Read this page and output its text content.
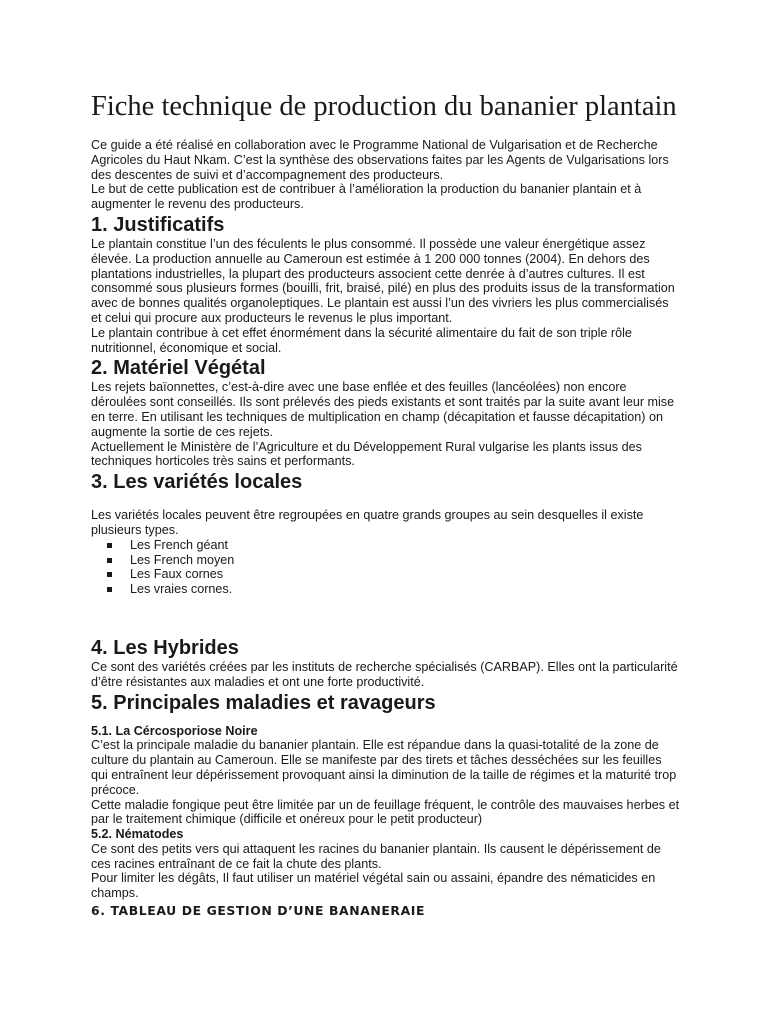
Fiche technique de production du bananier plantain

Ce guide a été réalisé en collaboration avec le Programme National de Vulgarisation et de Recherche Agricoles du Haut Nkam. C’est la synthèse des observations faites par les Agents de Vulgarisations lors des descentes de suivi et d’accompagnement des producteurs.

Le but de cette publication est de contribuer à l’amélioration la production du bananier plantain et à augmenter le revenu des producteurs.

1. Justificatifs

Le plantain constitue l’un des féculents le plus consommé. Il possède une valeur énergétique assez élevée. La production annuelle au Cameroun est estimée à 1 200 000 tonnes (2004). En dehors des plantations industrielles, la plupart des producteurs associent cette denrée à d’autres cultures. Il est consommé sous plusieurs formes (bouilli, frit, braisé, pilé) en plus des produits issus de la transformation avec de bonnes qualités organoleptiques. Le plantain est aussi l’un des vivriers les plus commercialisés et celui qui procure aux producteurs le revenus le plus important.

Le plantain contribue à cet effet énormément dans la sécurité alimentaire du fait de son triple rôle nutritionnel, économique et social.

2. Matériel Végétal

Les rejets baïonnettes, c’est-à-dire avec une base enflée et des feuilles (lancéolées) non encore déroulées sont conseillés. Ils sont prélevés des pieds existants et sont traités par la suite avant leur mise en terre. En utilisant les techniques de multiplication en champ (décapitation et fausse décapitation) on augmente la sortie de ces rejets.

Actuellement le Ministère de l’Agriculture et du Développement Rural vulgarise les plants issus des techniques horticoles très sains et performants.

3. Les variétés locales

Les variétés locales peuvent être regroupées en quatre grands groupes au sein desquelles il existe plusieurs types.

Les French géant
Les French moyen
Les Faux cornes
Les vraies cornes.
4. Les Hybrides

Ce sont des variétés créées par les instituts de recherche spécialisés (CARBAP). Elles ont la particularité d’être résistantes aux maladies et ont une forte productivité.

5. Principales maladies et ravageurs
5.1. La Cércosporiose Noire

C’est la principale maladie du bananier plantain. Elle est répandue dans la quasi-totalité de la zone de culture du plantain au Cameroun. Elle se manifeste par des tirets et tâches desséchées sur les feuilles qui entraînent leur dépérissement provoquant ainsi la diminution de la taille de régimes et la maturité trop précoce.

Cette maladie fongique peut être limitée par un de feuillage fréquent, le contrôle des mauvaises herbes et par le traitement chimique (difficile et onéreux pour le petit producteur)

5.2. Nématodes

Ce sont des petits vers qui attaquent les racines du bananier plantain. Ils causent le dépérissement de ces racines entraînant de ce fait la chute des plants.

Pour limiter les dégâts, Il faut utiliser un matériel végétal sain ou assaini, épandre des nématicides en champs.

6. TABLEAU DE GESTION D’UNE BANANERAIE
